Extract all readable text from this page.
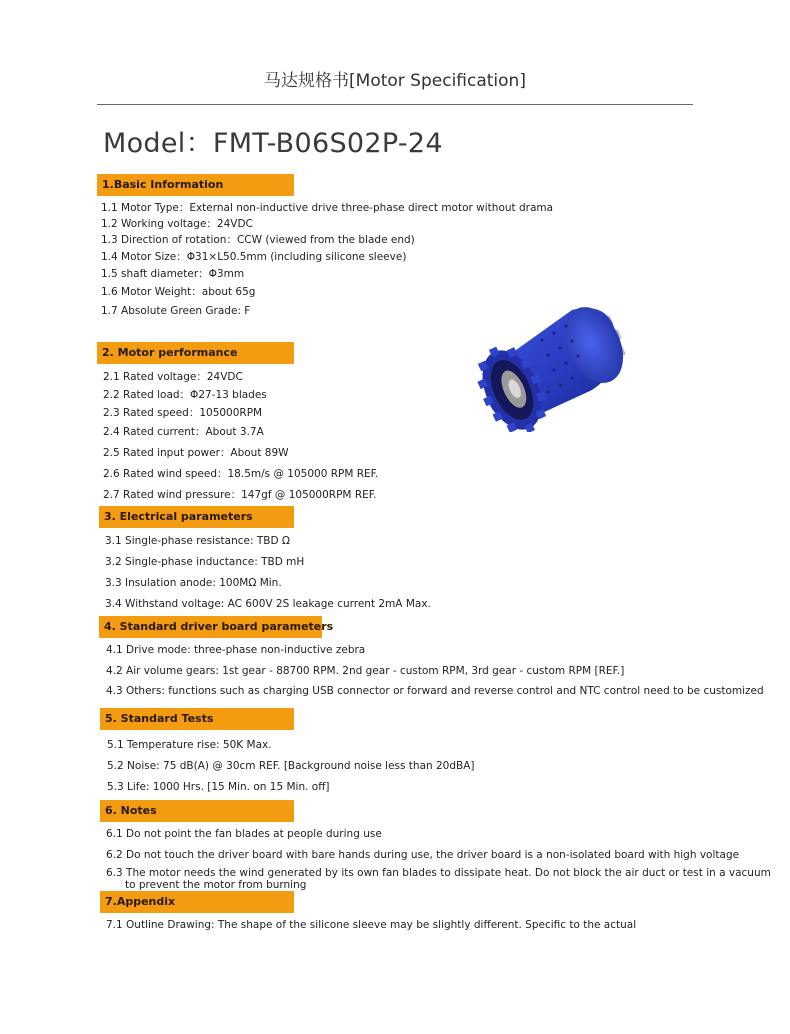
马达规格书[Motor Specification]
Model：FMT-B06S02P-24
1.Basic Information
1.1 Motor Type：External non-inductive drive three-phase direct motor without drama
1.2 Working voltage：24VDC
1.3 Direction of rotation：CCW (viewed from the blade end)
1.4 Motor Size：Φ31×L50.5mm (including silicone sleeve)
1.5 shaft diameter：Φ3mm
1.6 Motor Weight：about 65g
1.7 Absolute Green Grade: F
2. Motor performance
2.1 Rated voltage：24VDC
2.2 Rated load：Φ27-13 blades
2.3 Rated speed：105000RPM
2.4 Rated current：About 3.7A
2.5 Rated input power：About 89W
2.6 Rated wind speed：18.5m/s @ 105000 RPM REF.
2.7 Rated wind pressure：147gf @ 105000RPM REF.
3. Electrical parameters
3.1 Single-phase resistance: TBD Ω
3.2 Single-phase inductance: TBD mH
3.3 Insulation anode: 100MΩ Min.
3.4 Withstand voltage: AC 600V 2S leakage current 2mA Max.
4. Standard driver board parameters
4.1 Drive mode: three-phase non-inductive zebra
4.2 Air volume gears: 1st gear - 88700 RPM. 2nd gear - custom RPM, 3rd gear - custom RPM [REF.]
4.3 Others: functions such as charging USB connector or forward and reverse control and NTC control need to be customized
5. Standard Tests
5.1 Temperature rise: 50K Max.
5.2 Noise: 75 dB(A) @ 30cm REF. [Background noise less than 20dBA]
5.3 Life: 1000 Hrs. [15 Min. on 15 Min. off]
6. Notes
6.1 Do not point the fan blades at people during use
6.2 Do not touch the driver board with bare hands during use, the driver board is a non-isolated board with high voltage
6.3 The motor needs the wind generated by its own fan blades to dissipate heat. Do not block the air duct or test in a vacuum
to prevent the motor from burning
7.Appendix
7.1 Outline Drawing: The shape of the silicone sleeve may be slightly different. Specific to the actual
